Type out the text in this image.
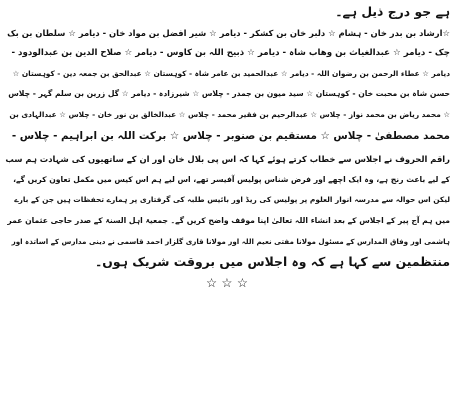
ہے جو درج ذیل ہے۔

☆ارشاد بن بدر خان - ہشام ☆ دلبر خان بن کشکر - دیامر ☆ شیر افضل بن مواد خان - دیامر ☆ سلطان بن بک
چک - دیامر ☆ عبدالغیاث بن وھاب شاہ - دیامر ☆ ذبیح اللہ بن کاوس - دیامر ☆ صلاح الدین بن عبدالودود -
دیامر ☆ عطاء الرحمن بن رضوان اللہ - دیامر ☆ عبدالحمید بن عامر شاہ - کوہستان ☆ عبدالحق بن جمعہ دین - کوہستان ☆
حسن شاہ بن محبت خان - کوہستان ☆ سید میون بن جمدر - چلاس ☆ شیرزادہ - دیامر ☆ گل زرین بن سلم گہر - چلاس
☆ محمد ریاض بن محمد نواز - چلاس ☆ عبدالرحیم بن فقیر محمد - چلاس ☆ عبدالخالق بن نور خان - چلاس ☆ عبدالہادی بن
محمد مصطفیٰ - چلاس ☆ مستقیم بن صنوبر - چلاس ☆ برکت اللہ بن ابراہیم - چلاس -

راقم الحروف نے اجلاس سے خطاب کرتے ہوئے کہا کہ اس پی بلال خان اور ان کے ساتھیوں کی شہادت ہم سب
کے لیے باعث رنج ہے، وہ ایک اچھے اور فرض شناس پولیس آفیسر تھے، اس لیے ہم اس کیس میں مکمل تعاون کریں گے،
لیکن اس حوالہ سے مدرسہ انوار العلوم پر پولیس کی ریڈ اور بائیس طلبہ کی گرفتاری پر ہمارے تحفظات ہیں جن کے بارے
میں ہم آج پیر کے اجلاس کے بعد انشاء اللہ تعالیٰ اپنا موقف واضح کریں گے۔ جمعیۃ اہل السنۃ کے صدر حاجی عثمان عمر
ہاشمی اور وفاق المدارس کے مسئول مولانا مفتی نعیم اللہ اور مولانا قاری گلزار احمد قاسمی نے دینی مدارس کے اساتذہ اور
منتظمین سے کہا ہے کہ وہ اجلاس میں بروقت شریک ہوں۔

☆ ☆ ☆
